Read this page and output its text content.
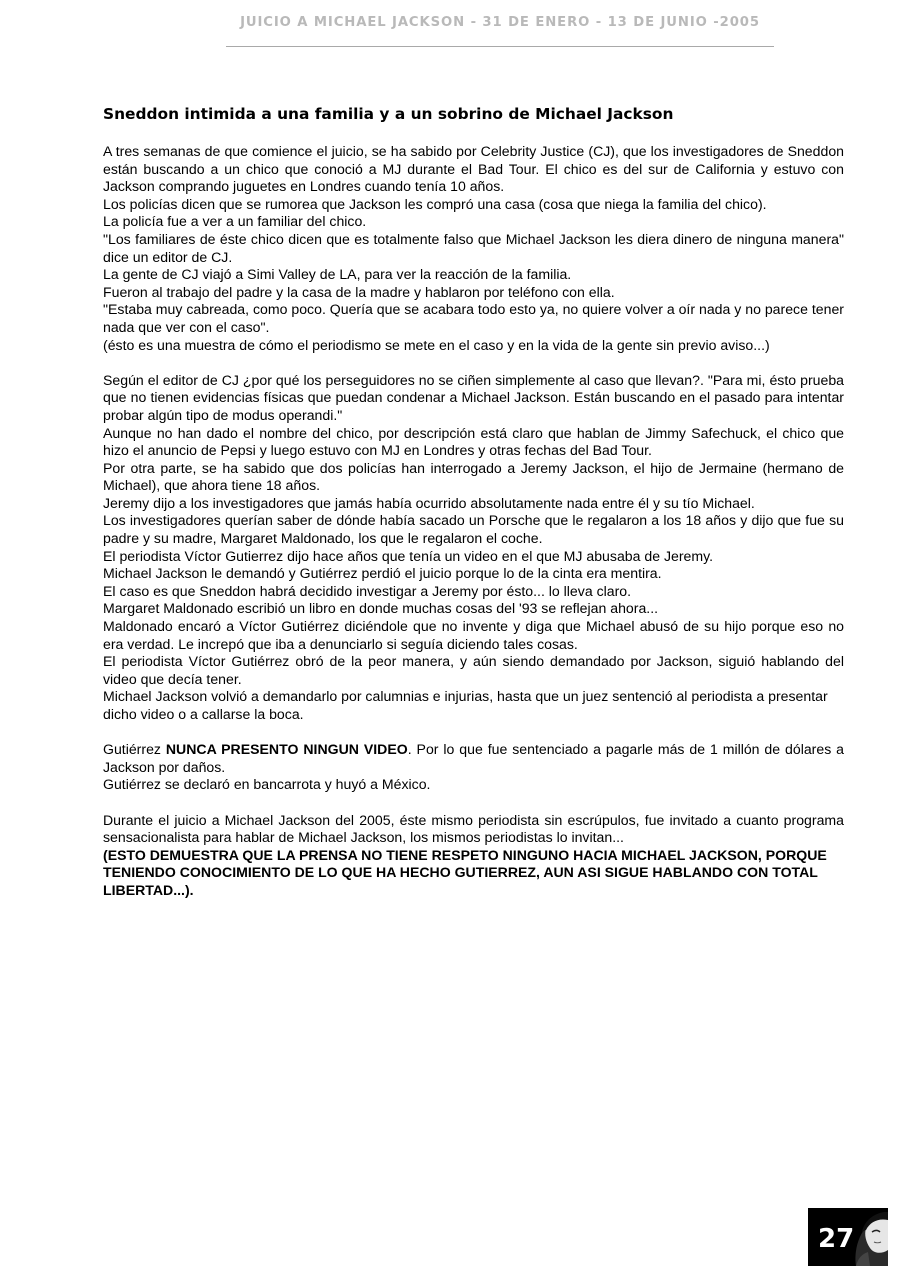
JUICIO A MICHAEL JACKSON - 31 DE ENERO - 13 DE JUNIO -2005
Sneddon intimida a una familia y a un sobrino de Michael Jackson

A tres semanas de que comience el juicio, se ha sabido por Celebrity Justice (CJ), que los investigadores de Sneddon están buscando a un chico que conoció a MJ durante el Bad Tour. El chico es del sur de California y estuvo con Jackson comprando juguetes en Londres cuando tenía 10 años.

Los policías dicen que se rumorea que Jackson les compró una casa (cosa que niega la familia del chico).

La policía fue a ver a un familiar del chico.

"Los familiares de éste chico dicen que es totalmente falso que Michael Jackson les diera dinero de ninguna manera" dice un editor de CJ.

La gente de CJ viajó a Simi Valley de LA, para ver la reacción de la familia.

Fueron al trabajo del padre y la casa de la madre y hablaron por teléfono con ella.

"Estaba muy cabreada, como poco. Quería que se acabara todo esto ya, no quiere volver a oír nada y no parece tener nada que ver con el caso".

(ésto es una muestra de cómo el periodismo se mete en el caso y en la vida de la gente sin previo aviso...)

Según el editor de CJ ¿por qué los perseguidores no se ciñen simplemente al caso que llevan?. "Para mi, ésto prueba que no tienen evidencias físicas que puedan condenar a Michael Jackson. Están buscando en el pasado para intentar probar algún tipo de modus operandi."

Aunque no han dado el nombre del chico, por descripción está claro que hablan de Jimmy Safechuck, el chico que hizo el anuncio de Pepsi y luego estuvo con MJ en Londres y otras fechas del Bad Tour.

Por otra parte, se ha sabido que dos policías han interrogado a Jeremy Jackson, el hijo de Jermaine (hermano de Michael), que ahora tiene 18 años.

Jeremy dijo a los investigadores que jamás había ocurrido absolutamente nada entre él y su tío Michael.

Los investigadores querían saber de dónde había sacado un Porsche que le regalaron a los 18 años y dijo que fue su padre y su madre, Margaret Maldonado, los que le regalaron el coche.

El periodista Víctor Gutierrez dijo hace años que tenía un video en el que MJ abusaba de Jeremy.

Michael Jackson le demandó y Gutiérrez perdió el juicio porque lo de la cinta era mentira.

El caso es que Sneddon habrá decidido investigar a Jeremy por ésto... lo lleva claro.

Margaret Maldonado escribió un libro en donde muchas cosas del '93 se reflejan ahora...

Maldonado encaró a Víctor Gutiérrez diciéndole que no invente y diga que Michael abusó de su hijo porque eso no era verdad. Le increpó que iba a denunciarlo si seguía diciendo tales cosas.

El periodista Víctor Gutiérrez obró de la peor manera, y aún siendo demandado por Jackson, siguió hablando del video que decía tener.

Michael Jackson volvió a demandarlo por calumnias e injurias, hasta que un juez sentenció al periodista a presentar dicho video o a callarse la boca.

Gutiérrez NUNCA PRESENTO NINGUN VIDEO. Por lo que fue sentenciado a pagarle más de 1 millón de dólares a Jackson por daños.

Gutiérrez se declaró en bancarrota y huyó a México.

Durante el juicio a Michael Jackson del 2005, éste mismo periodista sin escrúpulos, fue invitado a cuanto programa sensacionalista para hablar de Michael Jackson, los mismos periodistas lo invitan...

(ESTO DEMUESTRA QUE LA PRENSA NO TIENE RESPETO NINGUNO HACIA MICHAEL JACKSON, PORQUE TENIENDO CONOCIMIENTO DE LO QUE HA HECHO GUTIERREZ, AUN ASI SIGUE HABLANDO CON TOTAL LIBERTAD...).

27
